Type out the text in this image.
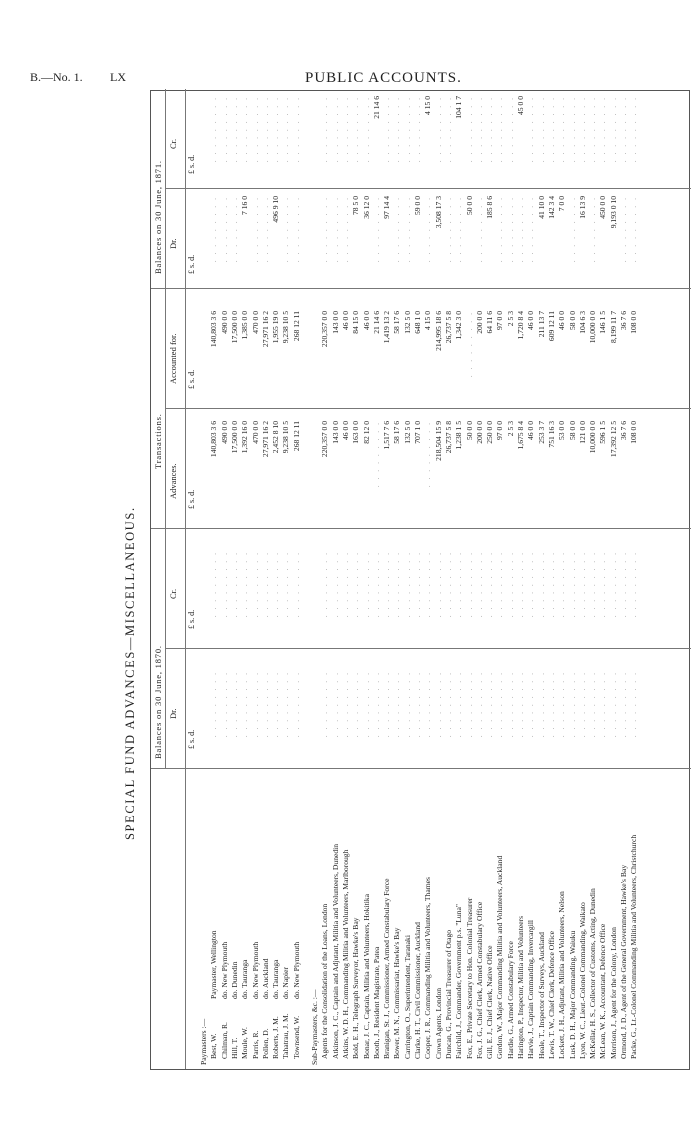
B.—No. 1. LX	PUBLIC ACCOUNTS.
SPECIAL FUND ADVANCES—MISCELLANEOUS. Balances on 30 June, 1870.
Transactions.
Balances on 30 June, 1871.
Dr.
Cr.
Advances.
£ s. d.
£ s. d.
£ s. d.
Paymasters :— Best, W.
Paymaster, Wellington
. . . . . . . . .
. . . . . . . . .
140,803 3 6
140,803 3 6
. . . . . . . . .
. . . . . . . . .
Chilman, R.
do. New Plymouth
. . . . . . . . .
. . . . . . . . .
490 0 0
490 0 0
. . . . . . . . .
. . . . . . . . .
Hill, T.
do. Dunedin
. . . . . . . . .
. . . . . . . . .
17,500 0 0
17,500 0 0
. . . . . . . . .
. . . . . . . . .
Moule, W.
do. Tauranga
. . . . . . . . .
. . . . . . . . .
1,392 16 0
1,385 0 0
7 16 0
. . . . . . . . .
Parris, R.
do. New Plymouth
. . . . . . . . .
. . . . . . . . .
470 0 0
470 0 0
. . . . . . . . .
. . . . . . . . .
Pollen, D.
do. Auckland
. . . . . . . . .
. . . . . . . . .
27,971 16 2
27,971 16 2
. . . . . . . . .
. . . . . . . . .
Roberts, J. M.
do. Tauranga
. . . . . . . . .
. . . . . . . . .
2,452 8 10
1,955 19 0
496 9 10
. . . . . . . . .
Tahatrau, J. M.
do. Napier
. . . . . . . . .
. . . . . . . . .
9,238 10 5
9,238 10 5
. . . . . . . . .
. . . . . . . . .
Townsend, W.
do. New Plymouth
. . . . . . . . .
. . . . . . . . .
268 12 11
268 12 11
. . . . . . . . .
. . . . . . . . .
Sub-Paymasters, &c. :— Agents for the Consolidation of the Loans, London
. . . . . . . . .
. . . . . . . . .
220,357 0 0
220,357 0 0
. . . . . . . . .
. . . . . . . . .
Atkinson, J. C., Captain and Adjutant, Militia and Volunteers, Dunedin
. . . . . . . . .
. . . . . . . . .
143 0 0
143 0 0
. . . . . . . . .
. . . . . . . . .
Atkins, W. D. H., Commanding Militia and Volunteers, Marlborough
. . . . . . . . .
. . . . . . . . .
46 0 0
46 0 0
. . . . . . . . .
. . . . . . . . .
Bold, E. H., Telegraph Surveyor, Hawke's Bay
. . . . . . . . .
. . . . . . . . .
163 0 0
84 15 0
78 5 0
. . . . . . . . .
Bonar, J. C., Captain, Militia and Volunteers, Hokitika
. . . . . . . . .
. . . . . . . . .
82 12 0
46 0 0
36 12 0
. . . . . . . . .
Booth, J., Resident Magistrate, Patea
. . . . . . . . .
. . . . . . . . .
. . . . . . . . .
21 14 6
. . . . . . . . .
21 14 6
Branigan, St. J., Commissioner, Armed Constabulary Force
. . . . . . . . .
. . . . . . . . .
1,517 7 6
1,419 13 2
97 14 4
. . . . . . . . .
Bower, M. N., Commissariat, Hawke's Bay
. . . . . . . . .
. . . . . . . . .
58 17 6
58 17 6
. . . . . . . . .
. . . . . . . . .
Carrington, O., Superintendent, Taranaki
. . . . . . . . .
. . . . . . . . .
132 5 0
132 5 0
. . . . . . . . .
. . . . . . . . .
Clarke, H. T., Civil Commissioner, Auckland
. . . . . . . . .
. . . . . . . . .
707 1 0
648 1 0
59 0 0
. . . . . . . . .
Cooper, J. R., Commanding Militia and Volunteers, Thames
. . . . . . . . .
. . . . . . . . .
. . . . . . . . .
4 15 0
. . . . . . . . .
4 15 0
Crown Agents, London
. . . . . . . . .
. . . . . . . . .
218,504 15 9
214,995 18 6
3,508 17 3
. . . . . . . . .
Duncan, G., Provincial Treasurer of Otago
. . . . . . . . .
. . . . . . . . .
26,737 5 8
26,737 5 8
. . . . . . . . .
. . . . . . . . .
Fairchild, J., Commander, Government p.s. "Luna"
. . . . . . . . .
. . . . . . . . .
1,238 1 5
1,342 3 0
. . . . . . . . .
104 1 7
Fox, E., Private Secretary to Hon. Colonial Treasurer
. . . . . . . . .
. . . . . . . . .
50 0 0
. . . . . . . . .
50 0 0
. . . . . . . . .
Fox, J. G., Chief Clerk, Armed Constabulary Office
. . . . . . . . .
. . . . . . . . .
200 0 0
200 0 0
. . . . . . . . .
. . . . . . . . .
Gill, E. J., Chief Clerk, Native Office
. . . . . . . . .
. . . . . . . . .
250 0 0
64 11 6
185 8 6
. . . . . . . . .
Gordon, W., Major Commanding Militia and Volunteers, Auckland
. . . . . . . . .
. . . . . . . . .
97 0 0
97 0 0
. . . . . . . . .
. . . . . . . . .
Hardie, G., Armed Constabulary Force
. . . . . . . . .
. . . . . . . . .
2 5 3
2 5 3
. . . . . . . . .
. . . . . . . . .
Harington, P., Inspector, Militia and Volunteers
. . . . . . . . .
. . . . . . . . .
1,675 8 4
1,720 8 4
. . . . . . . . .
45 0 0
Harvie, J., Captain Commanding, Invercargill
. . . . . . . . .
. . . . . . . . .
46 0 0
46 0 0
. . . . . . . . .
. . . . . . . . .
Heale, T., Inspector of Surveys, Auckland
. . . . . . . . .
. . . . . . . . .
253 3 7
211 13 7
41 10 0
. . . . . . . . .
Lewis, T. W., Chief Clerk, Defence Office
. . . . . . . . .
. . . . . . . . .
751 16 3
609 12 11
142 3 4
. . . . . . . . .
Lockett, J. H., Adjutant, Militia and Volunteers, Nelson
. . . . . . . . .
. . . . . . . . .
53 0 0
46 0 0
7 0 0
. . . . . . . . .
Lusk, D. H., Major Commanding, Waiuku
. . . . . . . . .
. . . . . . . . .
58 0 0
58 0 0
. . . . . . . . .
. . . . . . . . .
Lyon, W. C., Lieut.-Colonel Commanding, Waikato
. . . . . . . . .
. . . . . . . . .
121 0 0
104 6 3
16 13 9
. . . . . . . . .
McKellar, H. S., Collector of Customs, Acting, Dunedin
. . . . . . . . .
. . . . . . . . .
10,000 0 0
10,000 0 0
. . . . . . . . .
. . . . . . . . .
McLean, W. K., Accountant, Defence Office
. . . . . . . . .
. . . . . . . . .
596 1 5
146 1 5
450 0 0
. . . . . . . . .
Morrison, J., Agent for the Colony, London
. . . . . . . . .
. . . . . . . . .
17,392 12 5
8,199 11 7
9,193 0 10
. . . . . . . . .
Ormond, J. D., Agent of the General Government, Hawke's Bay
. . . . . . . . .
. . . . . . . . .
36 7 6
36 7 6
. . . . . . . . .
. . . . . . . . .
Packe, G., Lt.-Colonel Commanding Militia and Volunteers, Christchurch
. . . . . . . . .
. . . . . . . . .
108 0 0
108 0 0
. . . . . . . . .
. . . . . . . . .
Accounted for.
Dr.
Cr.
£ s. d.
£ s. d.
£ s. d.
